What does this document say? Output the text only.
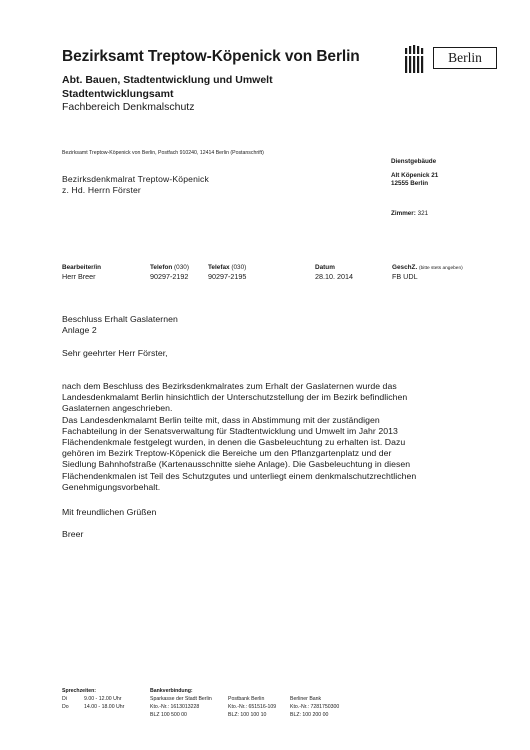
Bezirksamt Treptow-Köpenick von Berlin
Abt. Bauen, Stadtentwicklung und Umwelt
Stadtentwicklungsamt
Fachbereich Denkmalschutz
Berlin
Bezirksamt Treptow-Köpenick von Berlin, Postfach 910240, 12414 Berlin (Postanschrift)
Bezirksdenkmalrat Treptow-Köpenick
z. Hd. Herrn Förster
Dienstgebäude
Alt Köpenick 21
12555 Berlin
Zimmer: 321
Bearbeiter/in
Herr Breer
Telefon (030)
90297-2192
Telefax (030)
90297-2195
Datum
28.10. 2014
GeschZ. (bitte stets angeben)
FB UDL
Beschluss Erhalt Gaslaternen
Anlage 2
Sehr geehrter Herr Förster,
nach dem Beschluss des Bezirksdenkmalrates zum Erhalt der Gaslaternen wurde das
Landesdenkmalamt Berlin hinsichtlich der Unterschutzstellung der im Bezirk befindlichen
Gaslaternen angeschrieben.
Das Landesdenkmalamt Berlin teilte mit, dass in Abstimmung mit der zuständigen
Fachabteilung in der Senatsverwaltung für Stadtentwicklung und Umwelt im Jahr 2013
Flächendenkmale festgelegt wurden, in denen die Gasbeleuchtung zu erhalten ist. Dazu
gehören im Bezirk Treptow-Köpenick die Bereiche um den Pflanzgartenplatz und der
Siedlung Bahnhofstraße (Kartenausschnitte siehe Anlage). Die Gasbeleuchtung in diesen
Flächendenkmalen ist Teil des Schutzgutes und unterliegt einem denkmalschutzrechtlichen
Genehmigungsvorbehalt.
Mit freundlichen Grüßen
Breer
Sprechzeiten:
Di	9.00 - 12.00 Uhr
Do	14.00 - 18.00 Uhr
Bankverbindung:
Sparkasse der Stadt Berlin
Kto.-Nr.: 1613013228
BLZ 100 500 00
Postbank Berlin
Kto.-Nr.: 651516-109
BLZ: 100 100 10
Berliner Bank
Kto.-Nr.: 7281750300
BLZ: 100 200 00
